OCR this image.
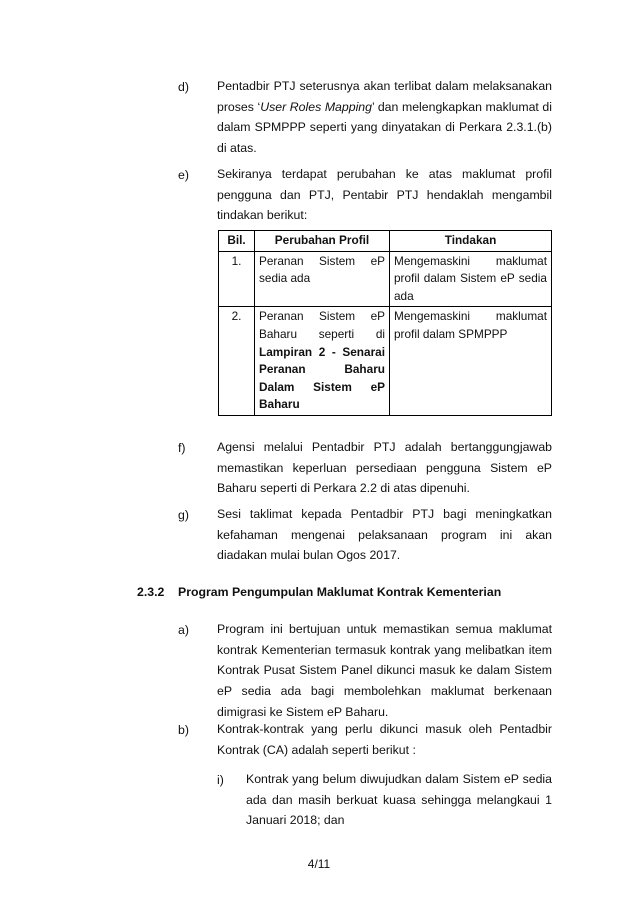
d) Pentadbir PTJ seterusnya akan terlibat dalam melaksanakan proses ‘User Roles Mapping’ dan melengkapkan maklumat di dalam SPMPPP seperti yang dinyatakan di Perkara 2.3.1.(b) di atas.
e) Sekiranya terdapat perubahan ke atas maklumat profil pengguna dan PTJ, Pentabir PTJ hendaklah mengambil tindakan berikut:
Bil.	Perubahan Profil	Tindakan
1.	Peranan Sistem eP sedia ada	Mengemaskini maklumat profil dalam Sistem eP sedia ada
2.	Peranan Sistem eP Baharu seperti di Lampiran 2 - Senarai Peranan Baharu Dalam Sistem eP Baharu	Mengemaskini maklumat profil dalam SPMPPP
f)	Agensi melalui Pentadbir PTJ adalah bertanggungjawab memastikan keperluan persediaan pengguna Sistem eP Baharu seperti di Perkara 2.2 di atas dipenuhi.
g) Sesi taklimat kepada Pentadbir PTJ bagi meningkatkan kefahaman mengenai pelaksanaan program ini akan diadakan mulai bulan Ogos 2017.
2.3.2 Program Pengumpulan Maklumat Kontrak Kementerian
a) Program ini bertujuan untuk memastikan semua maklumat kontrak Kementerian termasuk kontrak yang melibatkan item Kontrak Pusat Sistem Panel dikunci masuk ke dalam Sistem eP sedia ada bagi membolehkan maklumat berkenaan dimigrasi ke Sistem eP Baharu.
b) Kontrak-kontrak yang perlu dikunci masuk oleh Pentadbir Kontrak (CA) adalah seperti berikut :
i) Kontrak yang belum diwujudkan dalam Sistem eP sedia ada dan masih berkuat kuasa sehingga melangkaui 1 Januari 2018; dan
4/11
